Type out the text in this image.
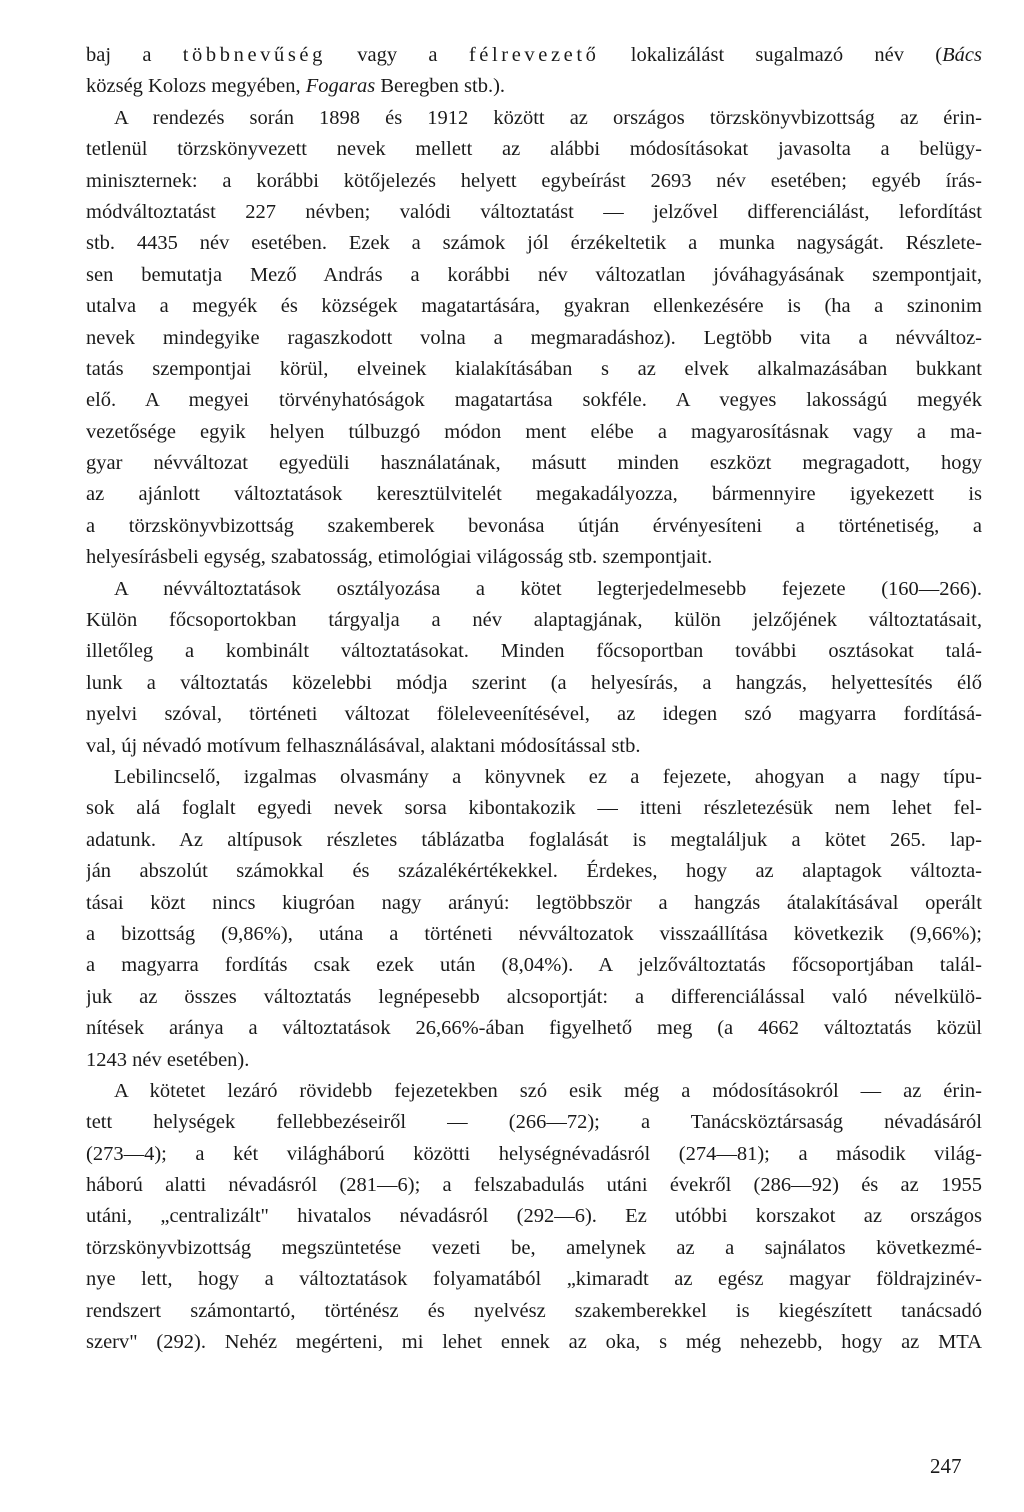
baj a többnevűség vagy a félrevezető lokalizálást sugalmazó név (Bács
község Kolozs megyében, Fogaras Beregben stb.).
A rendezés során 1898 és 1912 között az országos törzskönyvbizottság az érin-
tetlenül törzskönyvezett nevek mellett az alábbi módosításokat javasolta a belügy-
miniszternek: a korábbi kötőjelezés helyett egybeírást 2693 név esetében; egyéb írás-
módváltoztatást 227 névben; valódi változtatást — jelzővel differenciálást, lefordítást
stb. 4435 név esetében. Ezek a számok jól érzékeltetik a munka nagyságát. Részlete-
sen bemutatja Mező András a korábbi név változatlan jóváhagyásának szempontjait,
utalva a megyék és községek magatartására, gyakran ellenkezésére is (ha a szinonim
nevek mindegyike ragaszkodott volna a megmaradáshoz). Legtöbb vita a névváltoz-
tatás szempontjai körül, elveinek kialakításában s az elvek alkalmazásában bukkant
elő. A megyei törvényhatóságok magatartása sokféle. A vegyes lakosságú megyék
vezetősége egyik helyen túlbuzgó módon ment elébe a magyarosításnak vagy a ma-
gyar névváltozat egyedüli használatának, másutt minden eszközt megragadott, hogy
az ajánlott változtatások keresztülvitelét megakadályozza, bármennyire igyekezett is
a törzskönyvbizottság szakemberek bevonása útján érvényesíteni a történetiség, a
helyesírásbeli egység, szabatosság, etimológiai világosság stb. szempontjait.
A névváltoztatások osztályozása a kötet legterjedelmesebb fejezete (160—266).
Külön főcsoportokban tárgyalja a név alaptagjának, külön jelzőjének változtatásait,
illetőleg a kombinált változtatásokat. Minden főcsoportban további osztásokat talá-
lunk a változtatás közelebbi módja szerint (a helyesírás, a hangzás, helyettesítés élő
nyelvi szóval, történeti változat föleleveenítésével, az idegen szó magyarra fordításá-
val, új névadó motívum felhasználásával, alaktani módosítással stb.
Lebilincselő, izgalmas olvasmány a könyvnek ez a fejezete, ahogyan a nagy típu-
sok alá foglalt egyedi nevek sorsa kibontakozik — itteni részletezésük nem lehet fel-
adatunk. Az altípusok részletes táblázatba foglalását is megtaláljuk a kötet 265. lap-
ján abszolút számokkal és százalékértékekkel. Érdekes, hogy az alaptagok változta-
tásai közt nincs kiugróan nagy arányú: legtöbbször a hangzás átalakításával operált
a bizottság (9,86%), utána a történeti névváltozatok visszaállítása következik (9,66%);
a magyarra fordítás csak ezek után (8,04%). A jelzőváltoztatás főcsoportjában talál-
juk az összes változtatás legnépesebb alcsoportját: a differenciálással való névelkülö-
nítések aránya a változtatások 26,66%-ában figyelhető meg (a 4662 változtatás közül
1243 név esetében).
A kötetet lezáró rövidebb fejezetekben szó esik még a módosításokról — az érin-
tett helységek fellebbezéseiről — (266—72); a Tanácsköztársaság névadásáról
(273—4); a két világháború közötti helységnévadásról (274—81); a második világ-
háború alatti névadásról (281—6); a felszabadulás utáni évekről (286—92) és az 1955
utáni, „centralizált" hivatalos névadásról (292—6). Ez utóbbi korszakot az országos
törzskönyvbizottság megszüntetése vezeti be, amelynek az a sajnálatos következmé-
nye lett, hogy a változtatások folyamatából „kimaradt az egész magyar földrajzinév-
rendszert számontartó, történész és nyelvész szakemberekkel is kiegészített tanácsadó
szerv" (292). Nehéz megérteni, mi lehet ennek az oka, s még nehezebb, hogy az MTA
247
